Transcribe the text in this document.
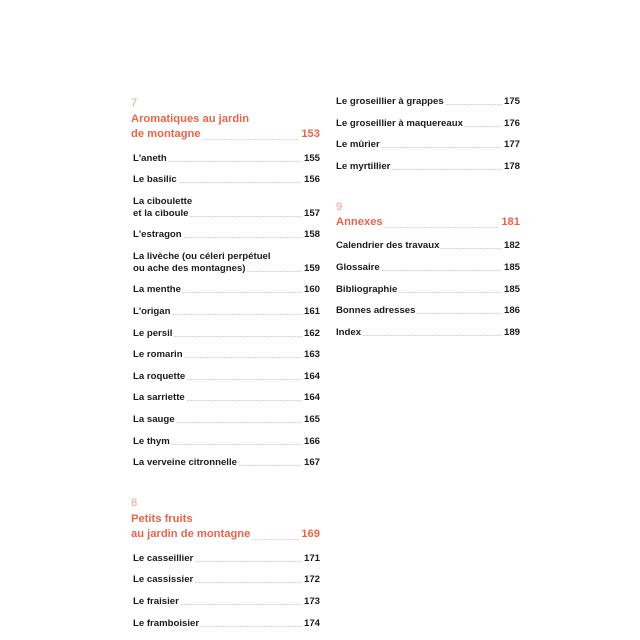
7
Aromatiques au jardin
de montagne	153
L'aneth	155
Le basilic	156
La ciboulette
et la ciboule	157
L'estragon	158
La livèche (ou céleri perpétuel
ou ache des montagnes)	159
La menthe	160
L'origan	161
Le persil	162
Le romarin	163
La roquette	164
La sarriette	164
La sauge	165
Le thym	166
La verveine citronnelle	167
8
Petits fruits
au jardin de montagne	169
Le casseillier	171
Le cassissier	172
Le fraisier	173
Le framboisier	174
Le groseillier à grappes	175
Le groseillier à maquereaux	176
Le mûrier	177
Le myrtillier	178
9
Annexes	181
Calendrier des travaux	182
Glossaire	185
Bibliographie	185
Bonnes adresses	186
Index	189
